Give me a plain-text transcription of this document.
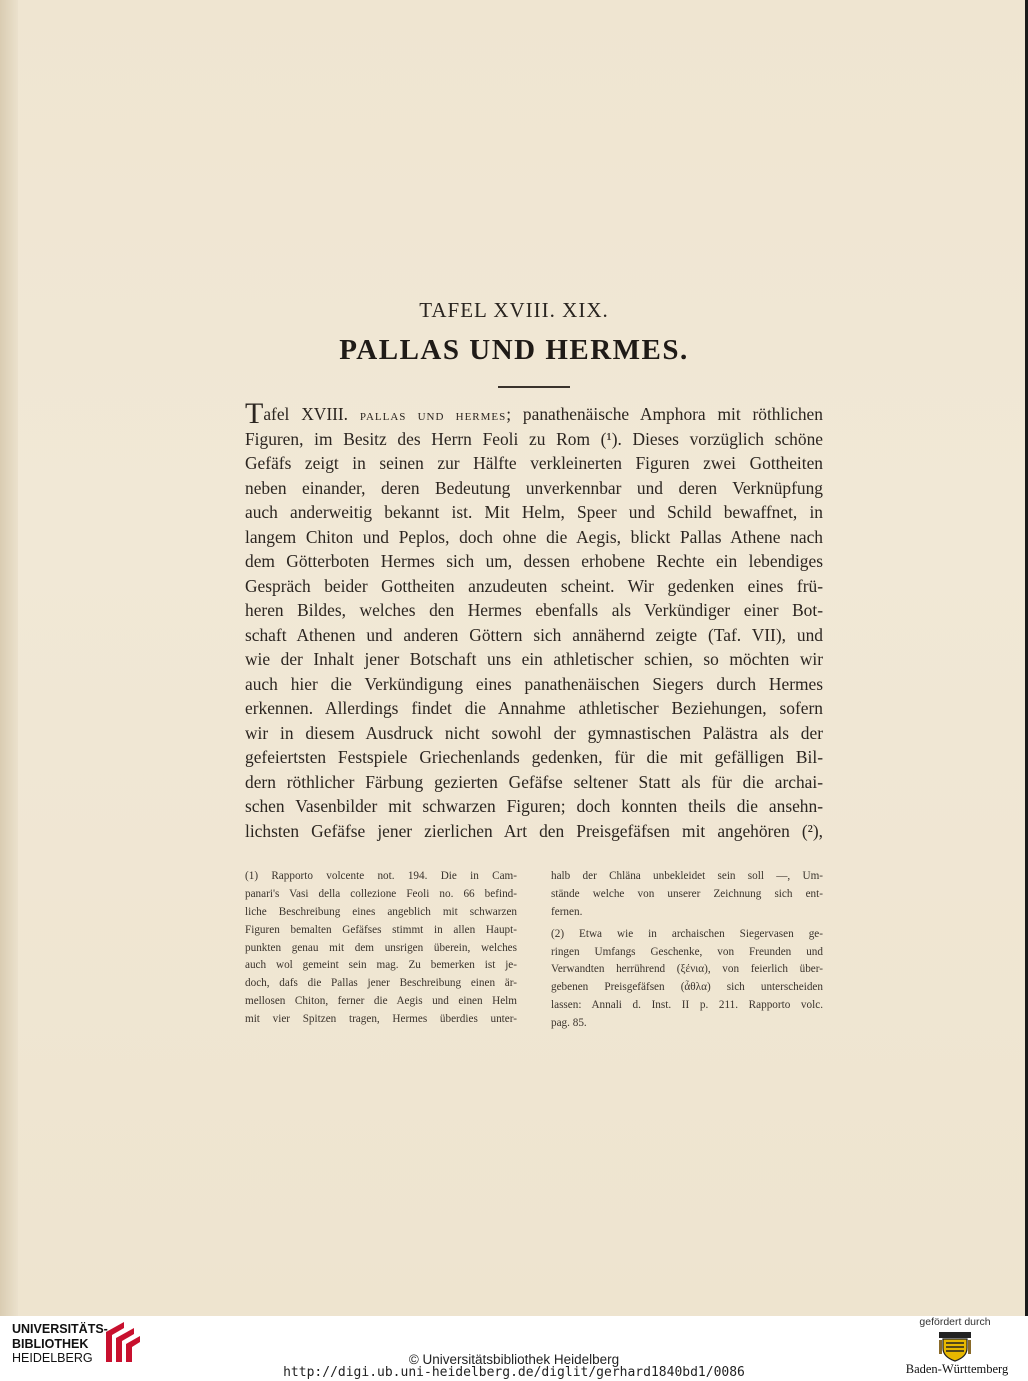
TAFEL XVIII. XIX.
PALLAS UND HERMES.
Tafel XVIII. PALLAS UND HERMES; panathenäische Amphora mit röthlichen
Figuren, im Besitz des Herrn Feoli zu Rom (¹). Dieses vorzüglich schöne
Gefäfs zeigt in seinen zur Hälfte verkleinerten Figuren zwei Gottheiten
neben einander, deren Bedeutung unverkennbar und deren Verknüpfung
auch anderweitig bekannt ist. Mit Helm, Speer und Schild bewaffnet, in
langem Chiton und Peplos, doch ohne die Aegis, blickt Pallas Athene nach
dem Götterboten Hermes sich um, dessen erhobene Rechte ein lebendiges
Gespräch beider Gottheiten anzudeuten scheint. Wir gedenken eines frü-
heren Bildes, welches den Hermes ebenfalls als Verkündiger einer Bot-
schaft Athenen und anderen Göttern sich annähernd zeigte (Taf. VII), und
wie der Inhalt jener Botschaft uns ein athletischer schien, so möchten wir
auch hier die Verkündigung eines panathenäischen Siegers durch Hermes
erkennen. Allerdings findet die Annahme athletischer Beziehungen, sofern
wir in diesem Ausdruck nicht sowohl der gymnastischen Palästra als der
gefeiertsten Festspiele Griechenlands gedenken, für die mit gefälligen Bil-
dern röthlicher Färbung gezierten Gefäfse seltener Statt als für die archai-
schen Vasenbilder mit schwarzen Figuren; doch konnten theils die ansehn-
lichsten Gefäfse jener zierlichen Art den Preisgefäfsen mit angehören (²),
(1) Rapporto volcente not. 194. Die in Cam-
panari's Vasi della collezione Feoli no. 66 befind-
liche Beschreibung eines angeblich mit schwarzen
Figuren bemalten Gefäfses stimmt in allen Haupt-
punkten genau mit dem unsrigen überein, welches
auch wol gemeint sein mag. Zu bemerken ist je-
doch, dafs die Pallas jener Beschreibung einen är-
mellosen Chiton, ferner die Aegis und einen Helm
mit vier Spitzen tragen, Hermes überdies unter-
halb der Chläna unbekleidet sein soll —, Um-
stände welche von unserer Zeichnung sich ent-
fernen.
(2) Etwa wie in archaischen Siegervasen ge-
ringen Umfangs Geschenke, von Freunden und
Verwandten herrührend (ξένια), von feierlich über-
gebenen Preisgefäfsen (ἆθλα) sich unterscheiden
lassen: Annali d. Inst. II p. 211. Rapporto volc.
pag. 85.
UNIVERSITÄTS-
BIBLIOTHEK
HEIDELBERG	© Universitätsbibliothek Heidelberg
http://digi.ub.uni-heidelberg.de/diglit/gerhard1840bd1/0086
gefördert durch
Baden-Württemberg
